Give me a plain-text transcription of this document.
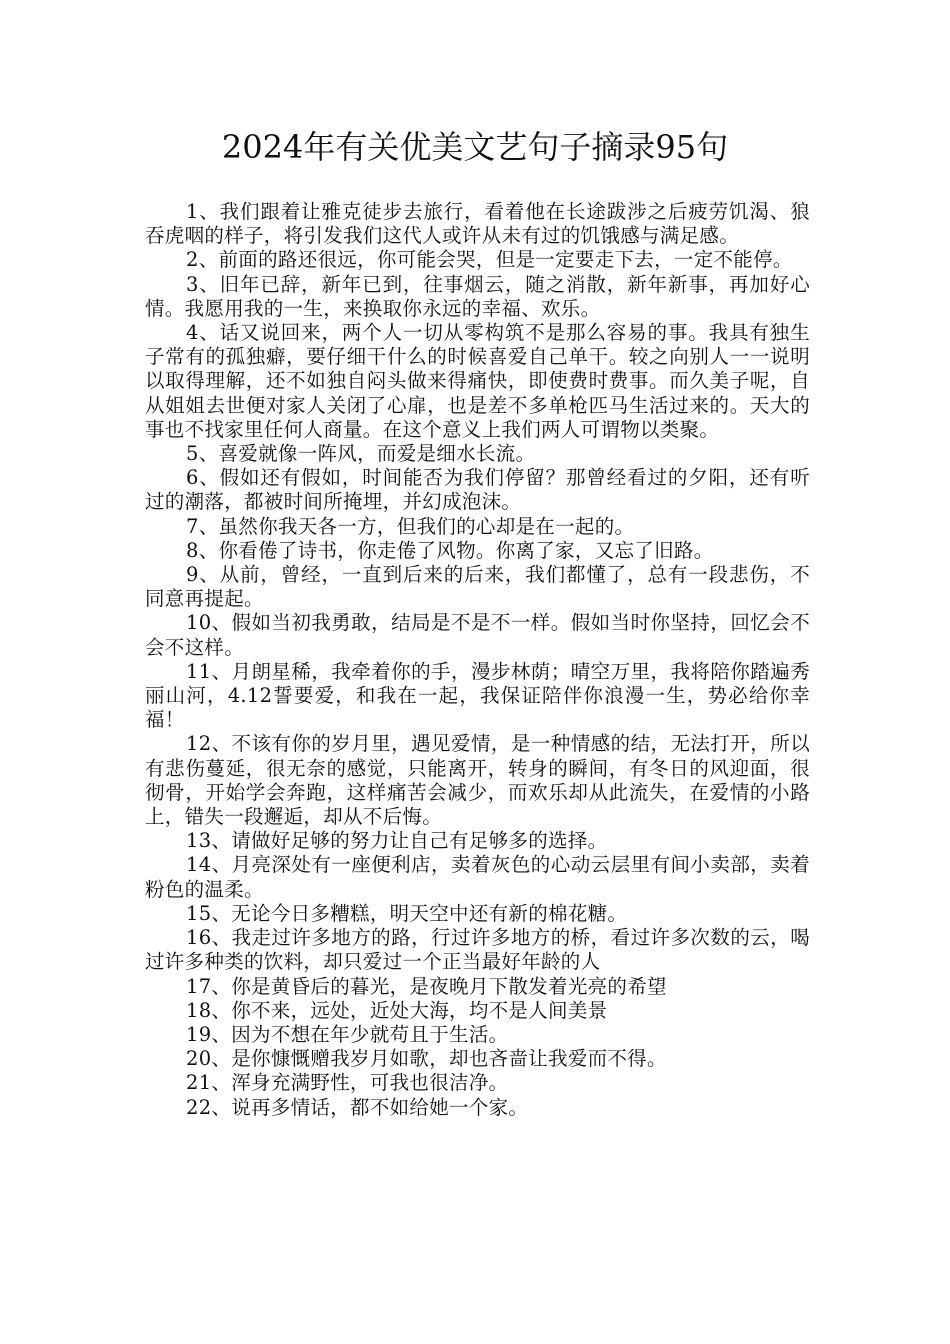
2024年有关优美文艺句子摘录95句

1、我们跟着让雅克徒步去旅行，看着他在长途跋涉之后疲劳饥渴、狼吞虎咽的样子，将引发我们这代人或许从未有过的饥饿感与满足感。

2、前面的路还很远，你可能会哭，但是一定要走下去，一定不能停。

3、旧年已辞，新年已到，往事烟云，随之消散，新年新事，再加好心情。我愿用我的一生，来换取你永远的幸福、欢乐。

4、话又说回来，两个人一切从零构筑不是那么容易的事。我具有独生子常有的孤独癖，要仔细干什么的时候喜爱自己单干。较之向别人一一说明以取得理解，还不如独自闷头做来得痛快，即使费时费事。而久美子呢，自从姐姐去世便对家人关闭了心扉，也是差不多单枪匹马生活过来的。天大的事也不找家里任何人商量。在这个意义上我们两人可谓物以类聚。

5、喜爱就像一阵风，而爱是细水长流。

6、假如还有假如，时间能否为我们停留？那曾经看过的夕阳，还有听过的潮落，都被时间所掩埋，并幻成泡沫。

7、虽然你我天各一方，但我们的心却是在一起的。

8、你看倦了诗书，你走倦了风物。你离了家，又忘了旧路。

9、从前，曾经，一直到后来的后来，我们都懂了，总有一段悲伤，不同意再提起。

10、假如当初我勇敢，结局是不是不一样。假如当时你坚持，回忆会不会不这样。

11、月朗星稀，我牵着你的手，漫步林荫；晴空万里，我将陪你踏遍秀丽山河，4.12誓要爱，和我在一起，我保证陪伴你浪漫一生，势必给你幸福！

12、不该有你的岁月里，遇见爱情，是一种情感的结，无法打开，所以有悲伤蔓延，很无奈的感觉，只能离开，转身的瞬间，有冬日的风迎面，很彻骨，开始学会奔跑，这样痛苦会减少，而欢乐却从此流失，在爱情的小路上，错失一段邂逅，却从不后悔。

13、请做好足够的努力让自己有足够多的选择。

14、月亮深处有一座便利店，卖着灰色的心动云层里有间小卖部，卖着粉色的温柔。

15、无论今日多糟糕，明天空中还有新的棉花糖。

16、我走过许多地方的路，行过许多地方的桥，看过许多次数的云，喝过许多种类的饮料，却只爱过一个正当最好年龄的人

17、你是黄昏后的暮光，是夜晚月下散发着光亮的希望

18、你不来，远处，近处大海，均不是人间美景

19、因为不想在年少就苟且于生活。

20、是你慷慨赠我岁月如歌，却也吝啬让我爱而不得。

21、浑身充满野性，可我也很洁净。

22、说再多情话，都不如给她一个家。
